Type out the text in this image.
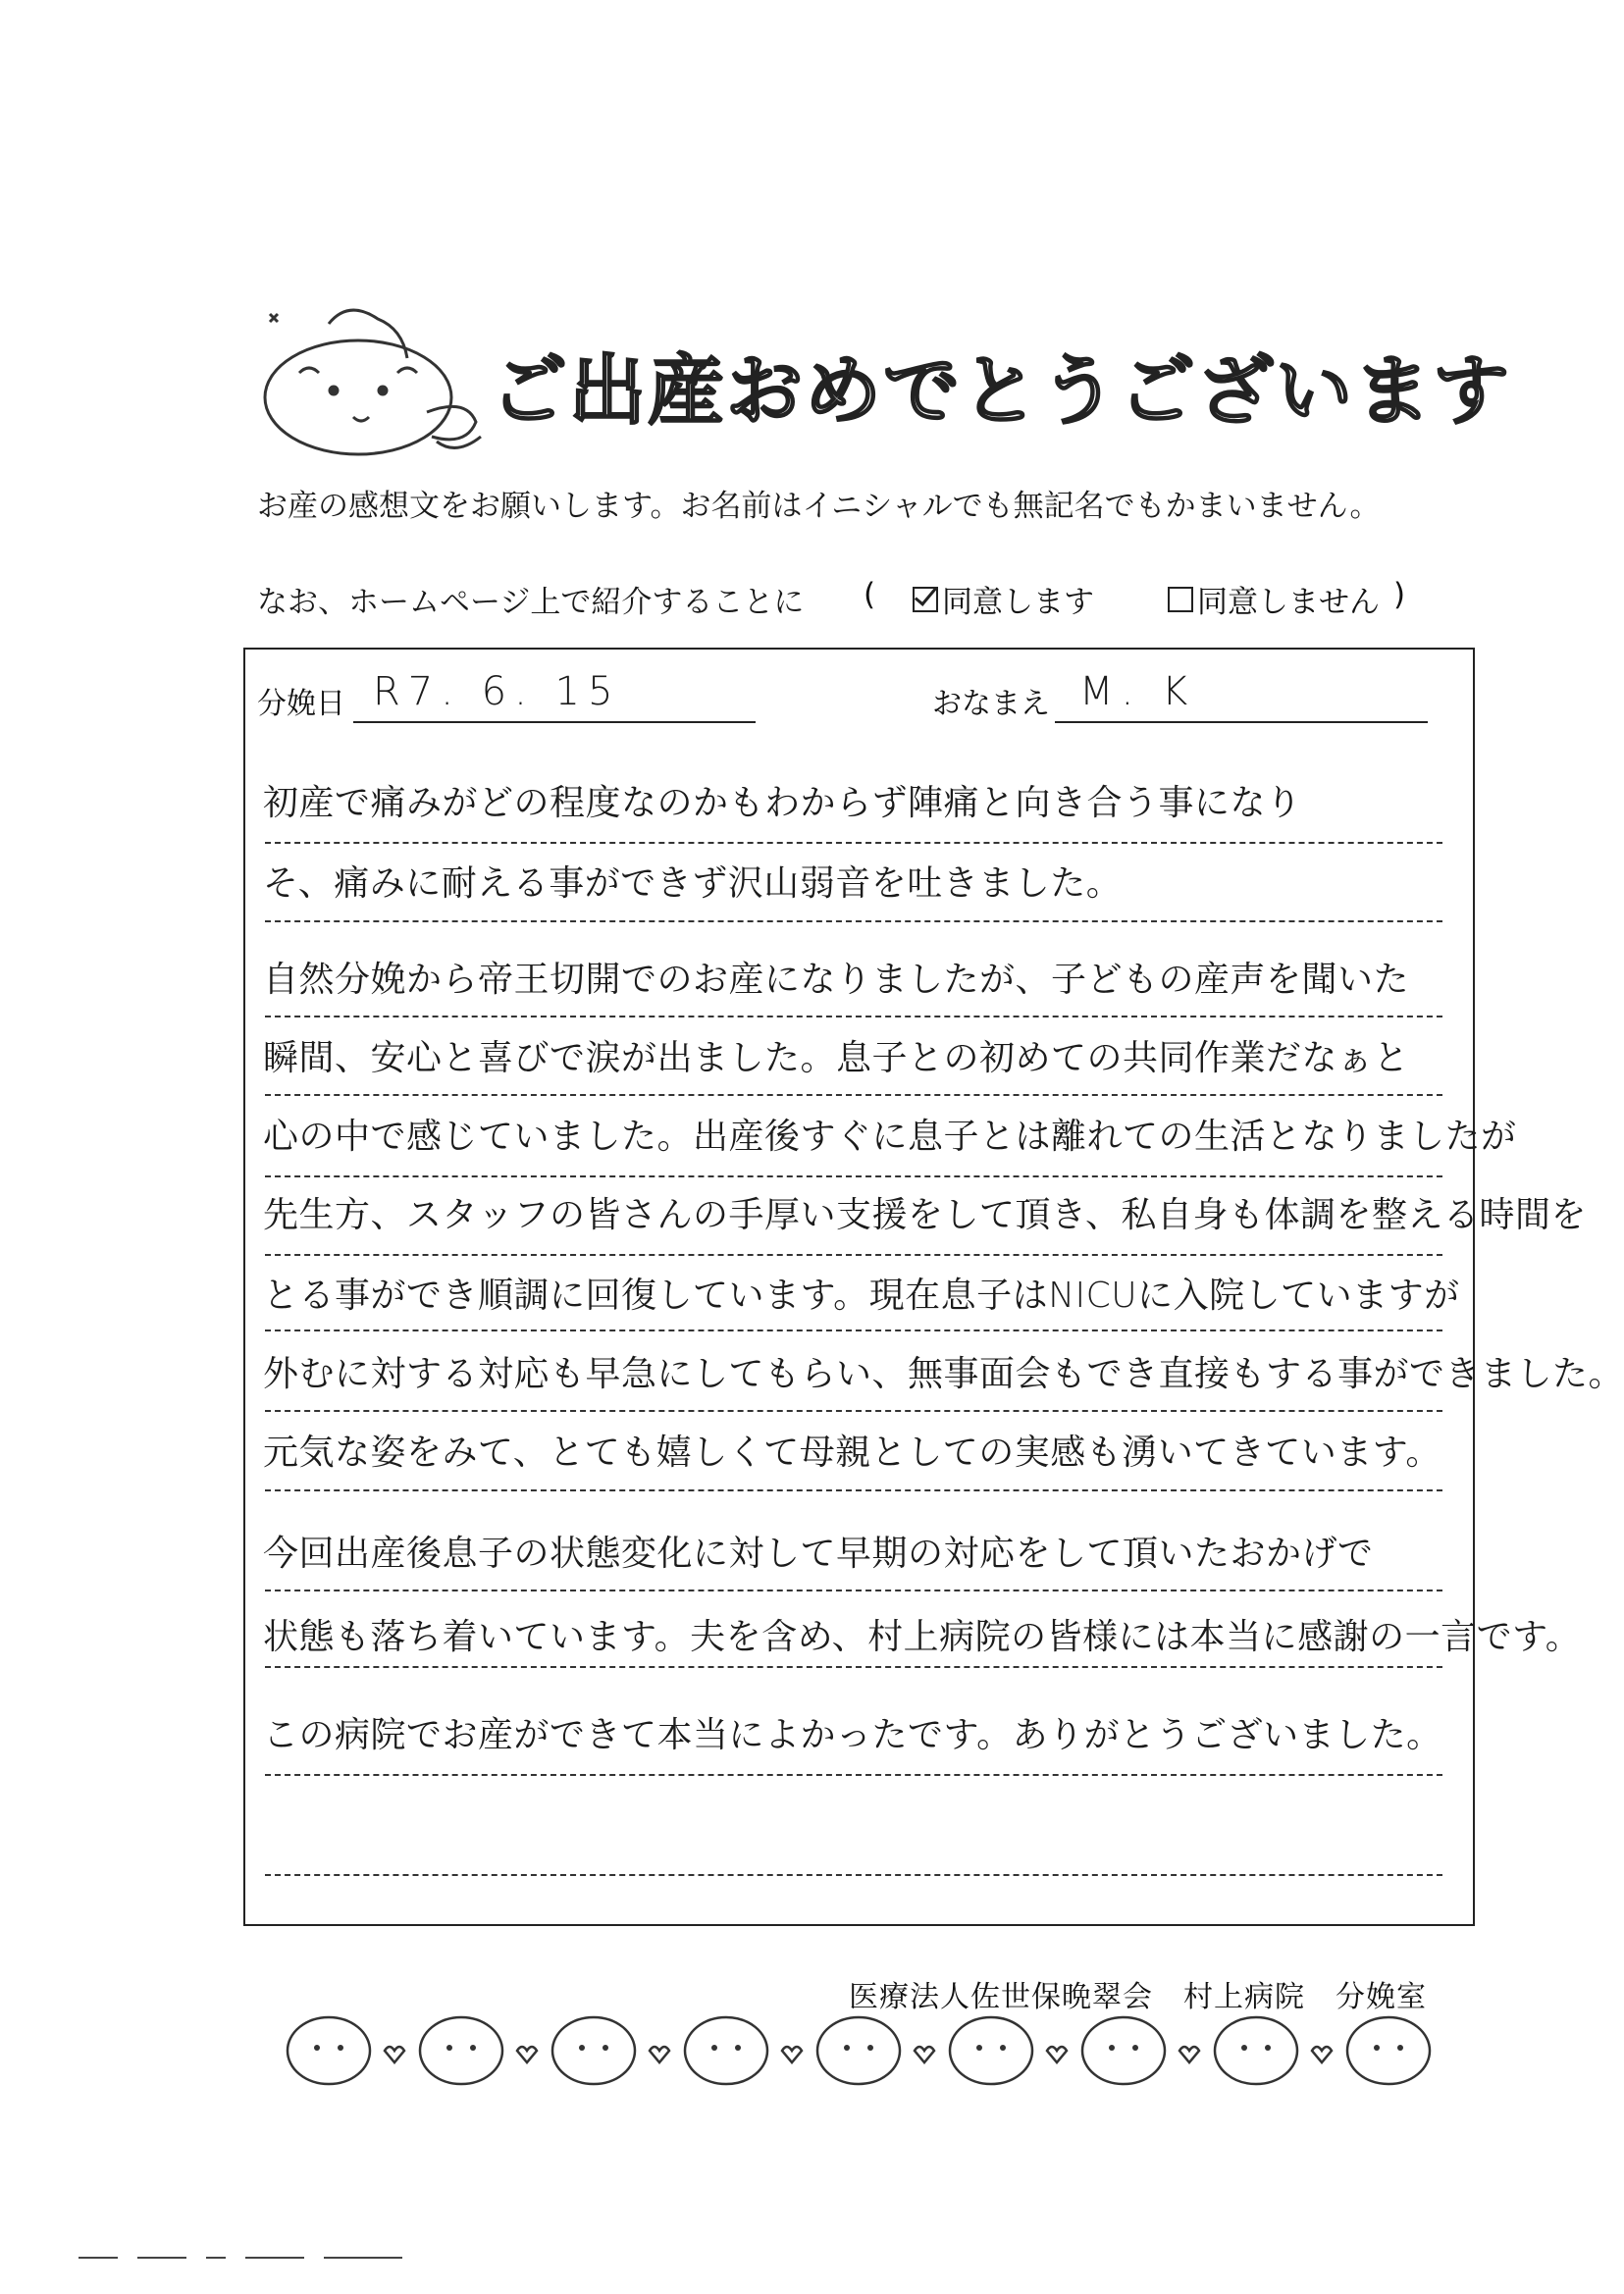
ご出産おめでとうございます
お産の感想文をお願いします。お名前はイニシャルでも無記名でもかまいません。
なお、ホームページ上で紹介することに ( 同意します	同意しません )
分娩日 R7. 6. 15	おなまえ M. K
初産で痛みがどの程度なのかもわからず陣痛と向き合う事になり
そ、痛みに耐える事ができず沢山弱音を吐きました。
自然分娩から帝王切開でのお産になりましたが、子どもの産声を聞いた
瞬間、安心と喜びで涙が出ました。息子との初めての共同作業だなぁと
心の中で感じていました。出産後すぐに息子とは離れての生活となりましたが
先生方、スタッフの皆さんの手厚い支援をして頂き、私自身も体調を整える時間を
とる事ができ順調に回復しています。現在息子はNICUに入院していますが
外むに対する対応も早急にしてもらい、無事面会もでき直接もする事ができました。
元気な姿をみて、とても嬉しくて母親としての実感も湧いてきています。
今回出産後息子の状態変化に対して早期の対応をして頂いたおかげで
状態も落ち着いています。夫を含め、村上病院の皆様には本当に感謝の一言です。
この病院でお産ができて本当によかったです。ありがとうございました。
医療法人佐世保晩翠会　村上病院　分娩室
